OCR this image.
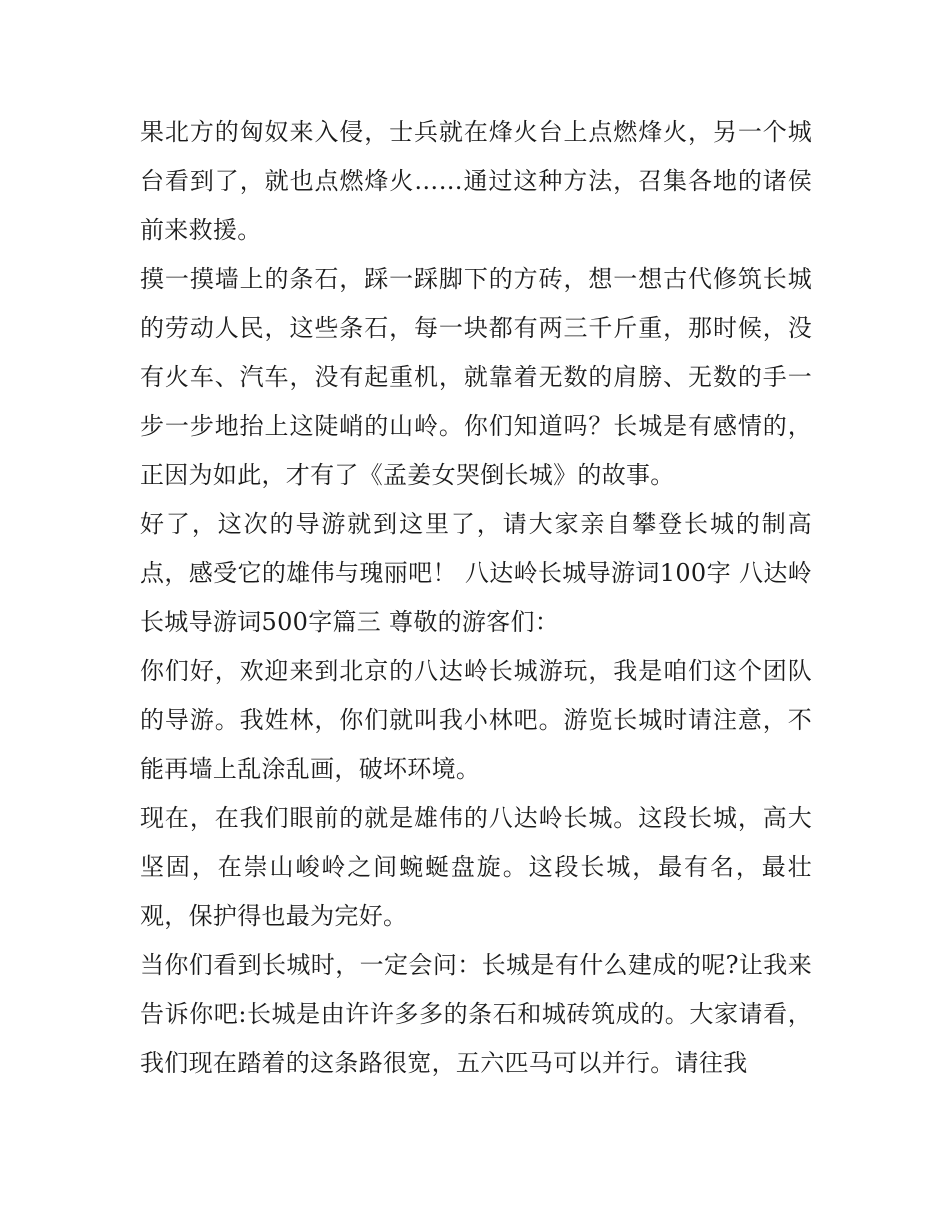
果北方的匈奴来入侵，士兵就在烽火台上点燃烽火，另一个城台看到了，就也点燃烽火……通过这种方法，召集各地的诸侯前来救援。

摸一摸墙上的条石，踩一踩脚下的方砖，想一想古代修筑长城的劳动人民，这些条石，每一块都有两三千斤重，那时候，没有火车、汽车，没有起重机，就靠着无数的肩膀、无数的手一步一步地抬上这陡峭的山岭。你们知道吗？长城是有感情的，正因为如此，才有了《孟姜女哭倒长城》的故事。

好了，这次的导游就到这里了，请大家亲自攀登长城的制高点，感受它的雄伟与瑰丽吧！ 八达岭长城导游词100字 八达岭长城导游词500字篇三 尊敬的游客们：

你们好，欢迎来到北京的八达岭长城游玩，我是咱们这个团队的导游。我姓林，你们就叫我小林吧。游览长城时请注意，不能再墙上乱涂乱画，破坏环境。

现在，在我们眼前的就是雄伟的八达岭长城。这段长城，高大坚固，在崇山峻岭之间蜿蜒盘旋。这段长城，最有名，最壮观，保护得也最为完好。

当你们看到长城时，一定会问：长城是有什么建成的呢?让我来告诉你吧:长城是由许许多多的条石和城砖筑成的。大家请看，我们现在踏着的这条路很宽，五六匹马可以并行。请往我
